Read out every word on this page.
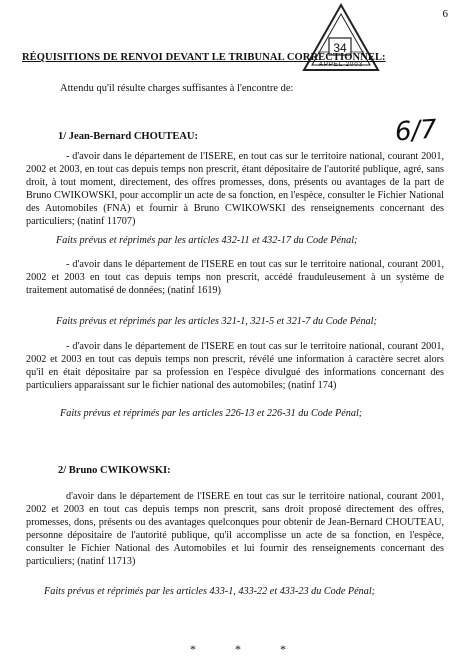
6
34
APPEL 2003
RÉQUISITIONS DE RENVOI DEVANT LE TRIBUNAL CORRECTIONNEL:
Attendu qu'il résulte charges suffisantes à l'encontre de:
6/7
1/ Jean-Bernard CHOUTEAU:

- d'avoir dans le département de l'ISERE, en tout cas sur le territoire national, courant 2001, 2002 et 2003, en tout cas depuis temps non prescrit, étant dépositaire de l'autorité publique, agré, sans droit, à tout moment, directement, des offres promesses, dons, présents ou avantages de la part de Bruno CWIKOWSKI, pour accomplir un acte de sa fonction, en l'espèce, consulter le Fichier National des Automobiles (FNA) et fournir à Bruno CWIKOWSKI des renseignements concernant des particuliers; (natinf 11707)

Faits prévus et réprimés par les articles 432-11 et 432-17 du Code Pénal;

- d'avoir dans le département de l'ISERE en tout cas sur le territoire national, courant 2001, 2002 et 2003 en tout cas depuis temps non prescrit, accédé frauduleusement à un système de traitement automatisé de données; (natinf 1619)

Faits prévus et réprimés par les articles 321-1, 321-5 et 321-7 du Code Pénal;

- d'avoir dans le département de l'ISERE en tout cas sur le territoire national, courant 2001, 2002 et 2003 en tout cas depuis temps non prescrit, révélé une information à caractère secret alors qu'il en était dépositaire par sa profession en l'espèce divulgué des informations concernant des particuliers apparaissant sur le fichier national des automobiles; (natinf 174)

Faits prévus et réprimés par les articles 226-13 et 226-31 du Code Pénal;
2/ Bruno CWIKOWSKI:

d'avoir dans le département de l'ISERE en tout cas sur le territoire national, courant 2001, 2002 et 2003 en tout cas depuis temps non prescrit, sans droit proposé directement des offres, promesses, dons, présents ou des avantages quelconques pour obtenir de Jean-Bernard CHOUTEAU, personne dépositaire de l'autorité publique, qu'il accomplisse un acte de sa fonction, en l'espèce, consulter le Fichier National des Automobiles et lui fournir des renseignements concernant des particuliers; (natinf 11713)

Faits prévus et réprimés par les articles 433-1, 433-22 et 433-23 du Code Pénal;
* * *
